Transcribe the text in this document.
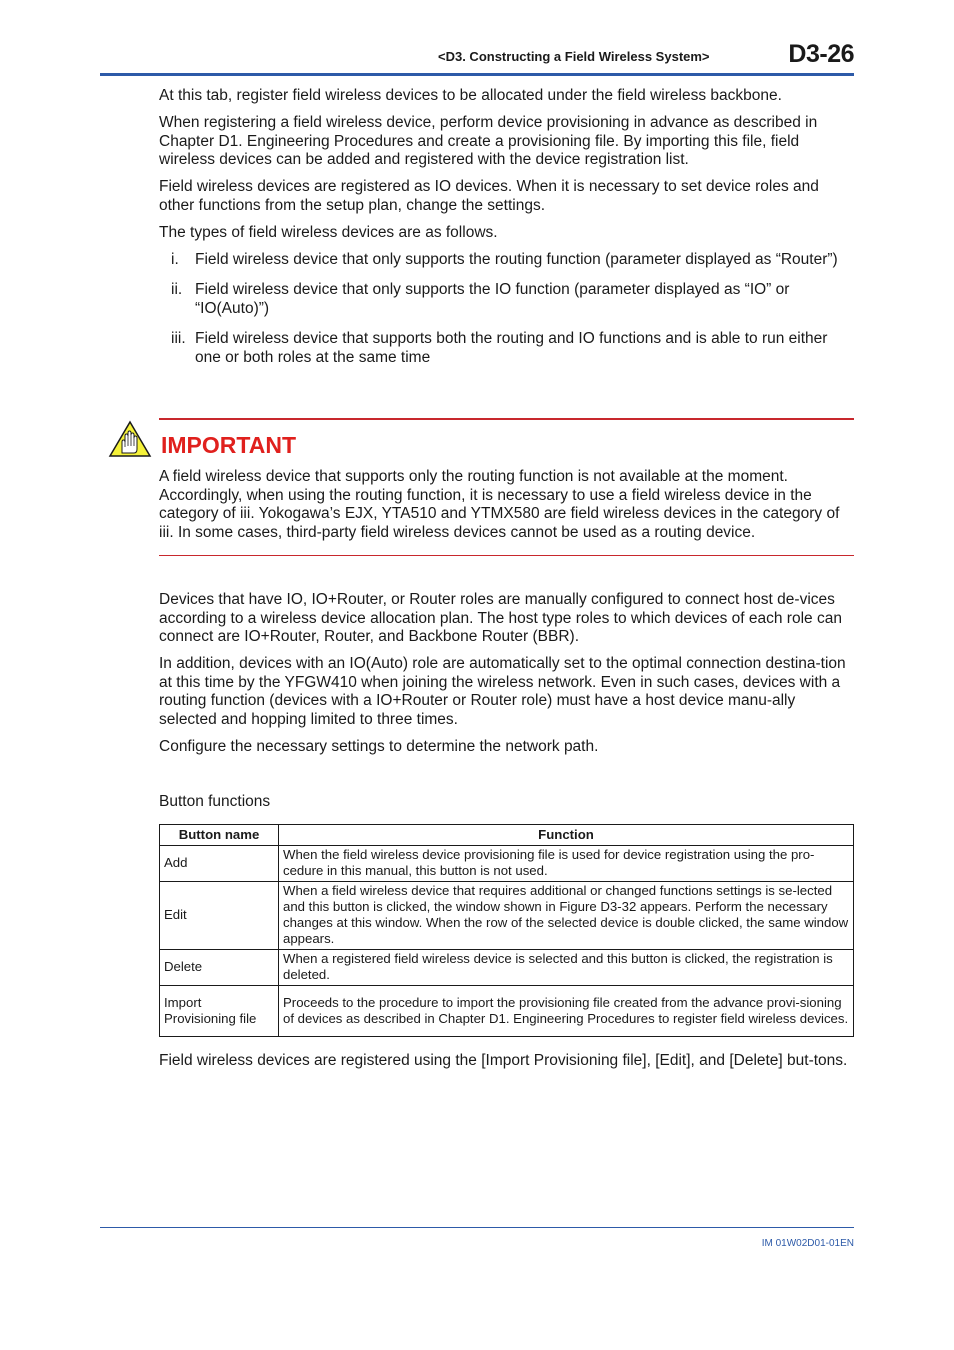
<D3. Constructing a Field Wireless System>	D3-26

At this tab, register field wireless devices to be allocated under the field wireless backbone.

When registering a field wireless device, perform device provisioning in advance as described in Chapter D1. Engineering Procedures and create a provisioning file. By importing this file, field wireless devices can be added and registered with the device registration list.

Field wireless devices are registered as IO devices. When it is necessary to set device roles and other functions from the setup plan, change the settings.

The types of field wireless devices are as follows.

i. Field wireless device that only supports the routing function (parameter displayed as “Router”)
ii. Field wireless device that only supports the IO function (parameter displayed as “IO” or “IO(Auto)”)
iii. Field wireless device that supports both the routing and IO functions and is able to run either one or both roles at the same time
IMPORTANT

A field wireless device that supports only the routing function is not available at the moment. Accordingly, when using the routing function, it is necessary to use a field wireless device in the category of iii. Yokogawa’s EJX, YTA510 and YTMX580 are field wireless devices in the category of iii. In some cases, third-party field wireless devices cannot be used as a routing device.

Devices that have IO, IO+Router, or Router roles are manually configured to connect host de-vices according to a wireless device allocation plan. The host type roles to which devices of each role can connect are IO+Router, Router, and Backbone Router (BBR).

In addition, devices with an IO(Auto) role are automatically set to the optimal connection destina-tion at this time by the YFGW410 when joining the wireless network. Even in such cases, devices with a routing function (devices with a IO+Router or Router role) must have a host device manu-ally selected and hopping limited to three times.

Configure the necessary settings to determine the network path.

Button functions
Button name	Function
Add	When the field wireless device provisioning file is used for device registration using the pro-cedure in this manual, this button is not used.
Edit	When a field wireless device that requires additional or changed functions settings is se-lected and this button is clicked, the window shown in Figure D3-32 appears. Perform the necessary changes at this window. When the row of the selected device is double clicked, the same window appears.
Delete	When a registered field wireless device is selected and this button is clicked, the registration is deleted.
Import Provisioning file	Proceeds to the procedure to import the provisioning file created from the advance provi-sioning of devices as described in Chapter D1. Engineering Procedures to register field wireless devices.

Field wireless devices are registered using the [Import Provisioning file], [Edit], and [Delete] but-tons.

IM 01W02D01-01EN
